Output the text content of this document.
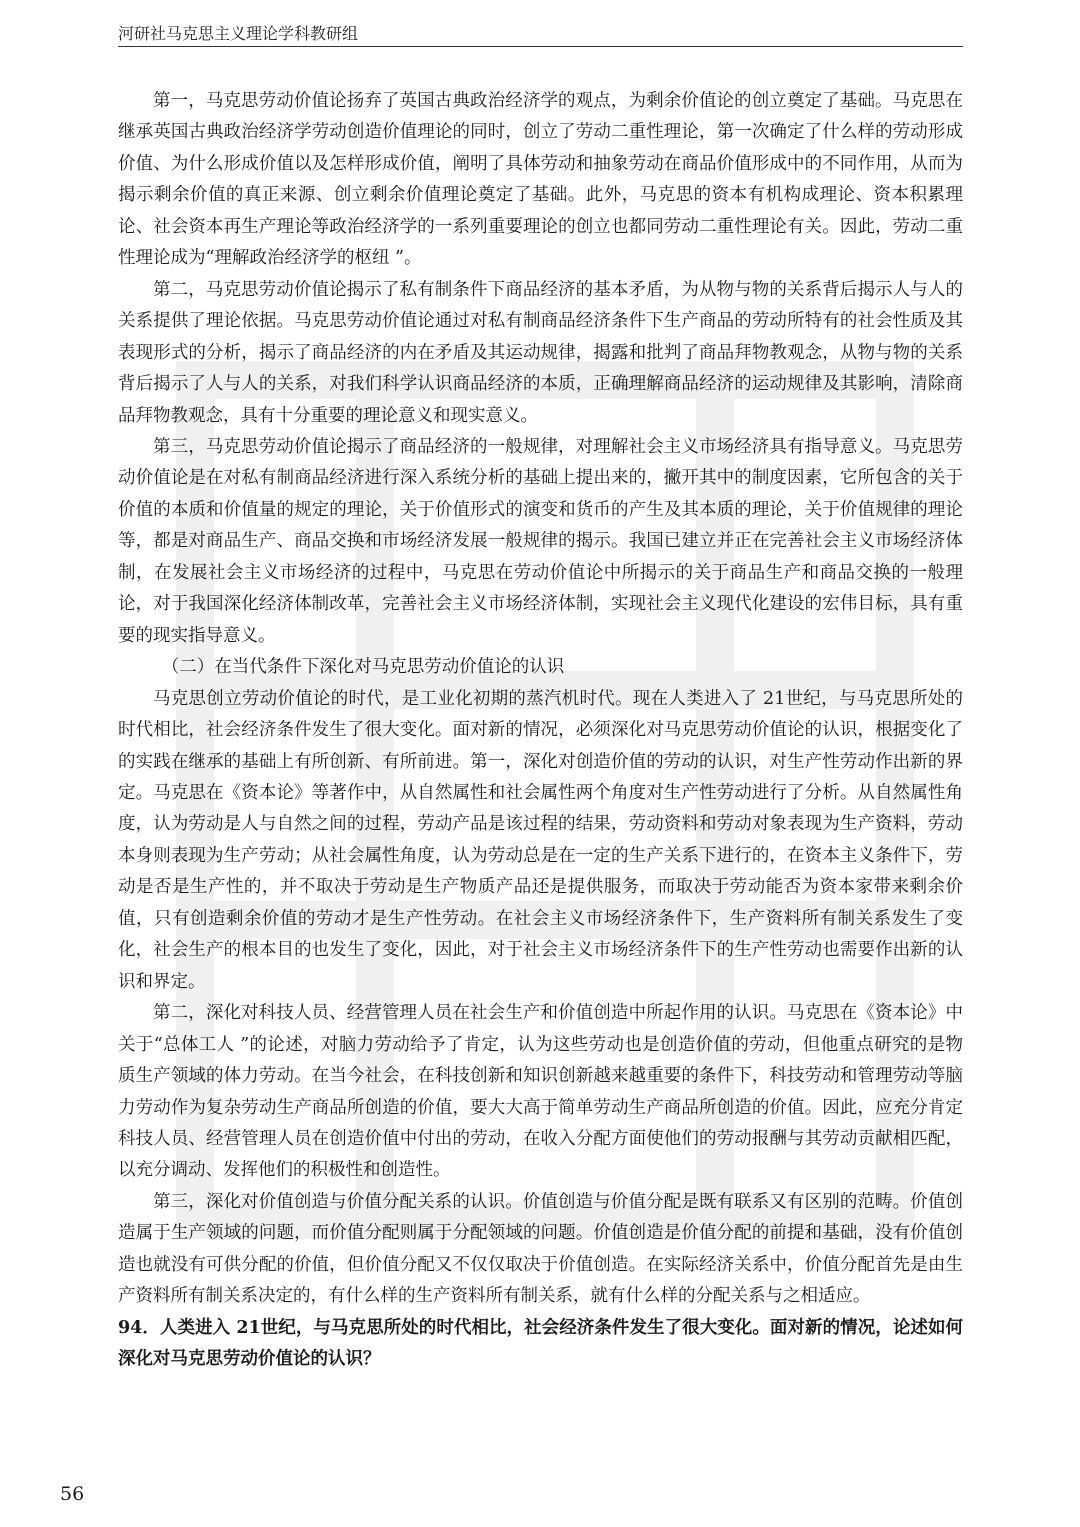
河研社马克思主义理论学科教研组

第一，马克思劳动价值论扬弃了英国古典政治经济学的观点，为剩余价值论的创立奠定了基础。马克思在继承英国古典政治经济学劳动创造价值理论的同时，创立了劳动二重性理论，第一次确定了什么样的劳动形成价值、为什么形成价值以及怎样形成价值，阐明了具体劳动和抽象劳动在商品价值形成中的不同作用，从而为揭示剩余价值的真正来源、创立剩余价值理论奠定了基础。此外，马克思的资本有机构成理论、资本积累理论、社会资本再生产理论等政治经济学的一系列重要理论的创立也都同劳动二重性理论有关。因此，劳动二重性理论成为“理解政治经济学的枢纽 ”。

第二，马克思劳动价值论揭示了私有制条件下商品经济的基本矛盾，为从物与物的关系背后揭示人与人的关系提供了理论依据。马克思劳动价值论通过对私有制商品经济条件下生产商品的劳动所特有的社会性质及其表现形式的分析，揭示了商品经济的内在矛盾及其运动规律，揭露和批判了商品拜物教观念，从物与物的关系背后揭示了人与人的关系，对我们科学认识商品经济的本质，正确理解商品经济的运动规律及其影响，清除商品拜物教观念，具有十分重要的理论意义和现实意义。

第三，马克思劳动价值论揭示了商品经济的一般规律，对理解社会主义市场经济具有指导意义。马克思劳动价值论是在对私有制商品经济进行深入系统分析的基础上提出来的，撇开其中的制度因素，它所包含的关于价值的本质和价值量的规定的理论，关于价值形式的演变和货币的产生及其本质的理论，关于价值规律的理论等，都是对商品生产、商品交换和市场经济发展一般规律的揭示。我国已建立并正在完善社会主义市场经济体制，在发展社会主义市场经济的过程中，马克思在劳动价值论中所揭示的关于商品生产和商品交换的一般理论，对于我国深化经济体制改革，完善社会主义市场经济体制，实现社会主义现代化建设的宏伟目标，具有重要的现实指导意义。

（二）在当代条件下深化对马克思劳动价值论的认识

马克思创立劳动价值论的时代，是工业化初期的蒸汽机时代。现在人类进入了 21世纪，与马克思所处的时代相比，社会经济条件发生了很大变化。面对新的情况，必须深化对马克思劳动价值论的认识，根据变化了的实践在继承的基础上有所创新、有所前进。第一，深化对创造价值的劳动的认识，对生产性劳动作出新的界定。马克思在《资本论》等著作中，从自然属性和社会属性两个角度对生产性劳动进行了分析。从自然属性角度，认为劳动是人与自然之间的过程，劳动产品是该过程的结果，劳动资料和劳动对象表现为生产资料，劳动本身则表现为生产劳动；从社会属性角度，认为劳动总是在一定的生产关系下进行的，在资本主义条件下，劳动是否是生产性的，并不取决于劳动是生产物质产品还是提供服务，而取决于劳动能否为资本家带来剩余价值，只有创造剩余价值的劳动才是生产性劳动。在社会主义市场经济条件下，生产资料所有制关系发生了变化，社会生产的根本目的也发生了变化，因此，对于社会主义市场经济条件下的生产性劳动也需要作出新的认识和界定。

第二，深化对科技人员、经营管理人员在社会生产和价值创造中所起作用的认识。马克思在《资本论》中关于“总体工人 ”的论述，对脑力劳动给予了肯定，认为这些劳动也是创造价值的劳动，但他重点研究的是物质生产领域的体力劳动。在当今社会，在科技创新和知识创新越来越重要的条件下，科技劳动和管理劳动等脑力劳动作为复杂劳动生产商品所创造的价值，要大大高于简单劳动生产商品所创造的价值。因此，应充分肯定科技人员、经营管理人员在创造价值中付出的劳动，在收入分配方面使他们的劳动报酬与其劳动贡献相匹配，以充分调动、发挥他们的积极性和创造性。

第三，深化对价值创造与价值分配关系的认识。价值创造与价值分配是既有联系又有区别的范畴。价值创造属于生产领域的问题，而价值分配则属于分配领域的问题。价值创造是价值分配的前提和基础，没有价值创造也就没有可供分配的价值，但价值分配又不仅仅取决于价值创造。在实际经济关系中，价值分配首先是由生产资料所有制关系决定的，有什么样的生产资料所有制关系，就有什么样的分配关系与之相适应。

94．人类进入 21世纪，与马克思所处的时代相比，社会经济条件发生了很大变化。面对新的情况，论述如何深化对马克思劳动价值论的认识？

56
